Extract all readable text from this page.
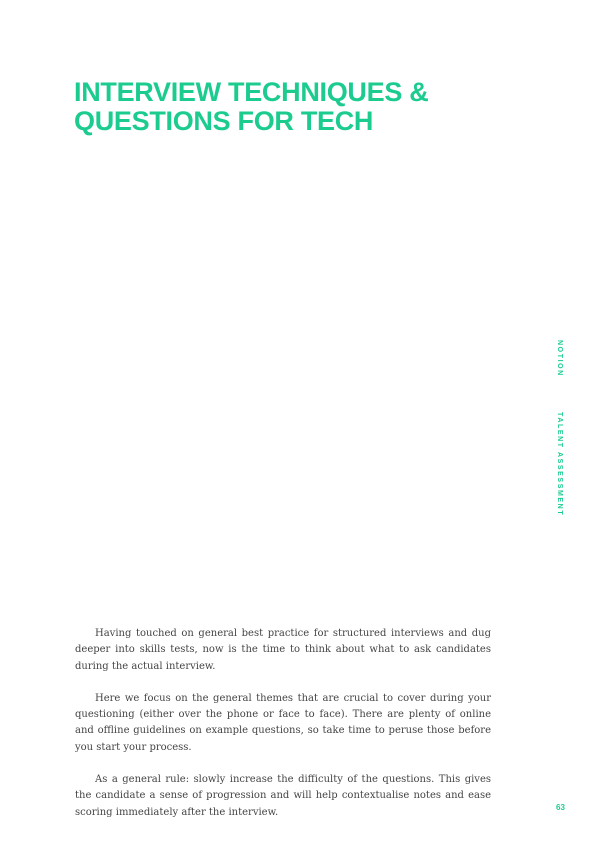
INTERVIEW TECHNIQUES &
QUESTIONS FOR TECH
NOTION
TALENT ASSESSMENT

Having touched on general best practice for structured interviews and dug deeper into skills tests, now is the time to think about what to ask candidates during the actual interview.

Here we focus on the general themes that are crucial to cover during your questioning (either over the phone or face to face). There are plenty of online and offline guidelines on example questions, so take time to peruse those before you start your process.

As a general rule: slowly increase the difficulty of the questions. This gives the candidate a sense of progression and will help contextualise notes and ease scoring immediately after the interview.	63
